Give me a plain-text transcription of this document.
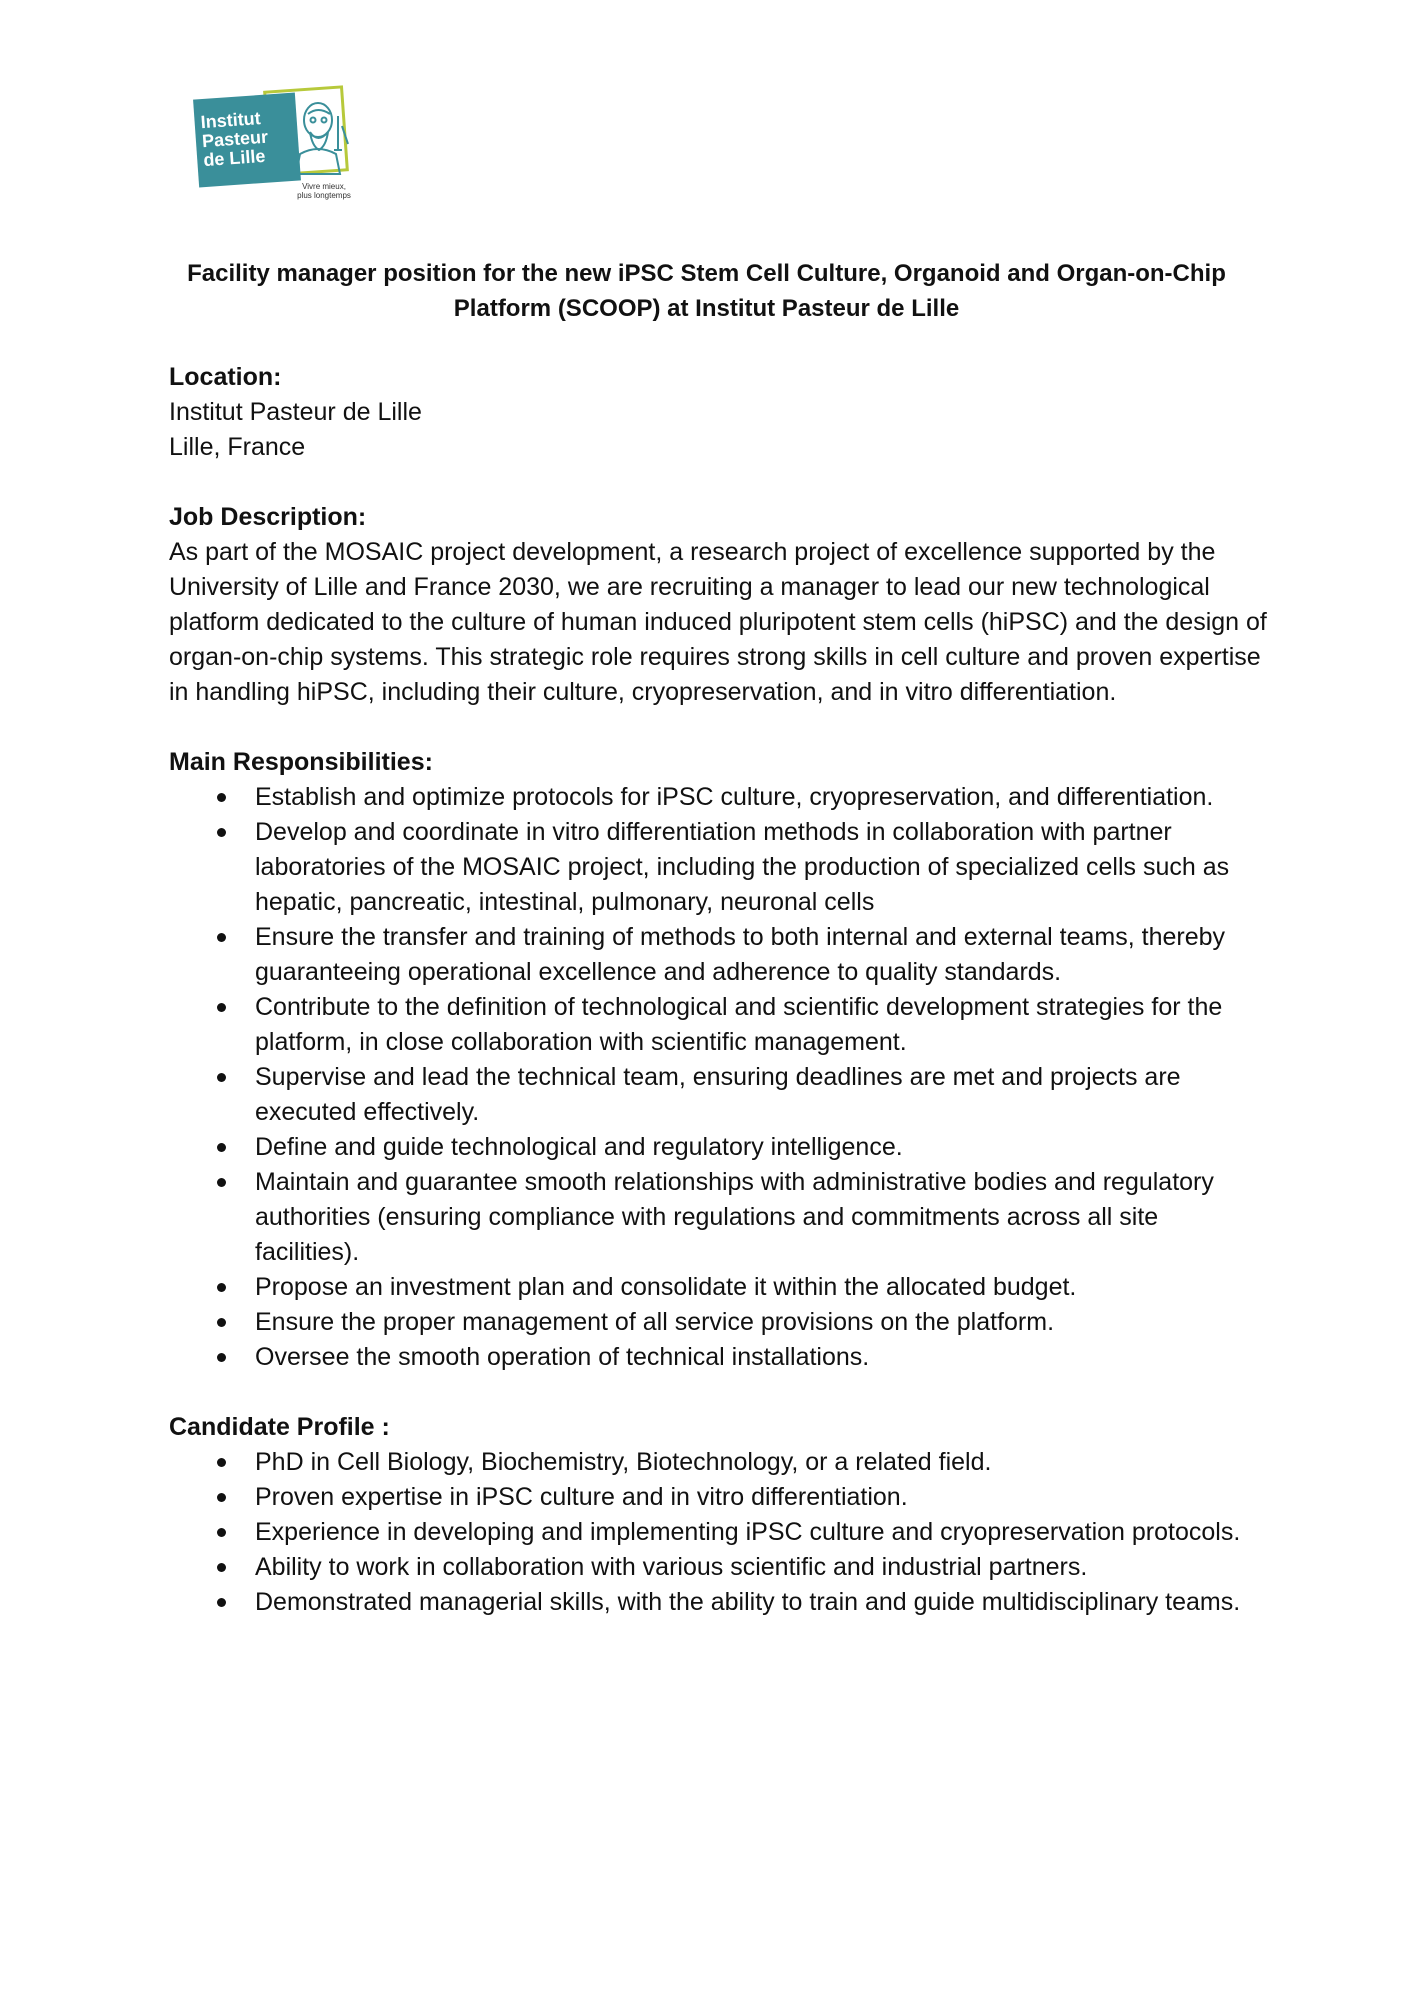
Institut
Pasteur
de Lille
Vivre mieux,
plus longtemps
Facility manager position for the new iPSC Stem Cell Culture, Organoid and Organ-on-Chip Platform (SCOOP) at Institut Pasteur de Lille

Location:

Institut Pasteur de Lille

Lille, France

Job Description:

As part of the MOSAIC project development, a research project of excellence supported by the University of Lille and France 2030, we are recruiting a manager to lead our new technological platform dedicated to the culture of human induced pluripotent stem cells (hiPSC) and the design of organ-on-chip systems. This strategic role requires strong skills in cell culture and proven expertise in handling hiPSC, including their culture, cryopreservation, and in vitro differentiation.

Main Responsibilities:

Establish and optimize protocols for iPSC culture, cryopreservation, and differentiation.
Develop and coordinate in vitro differentiation methods in collaboration with partner laboratories of the MOSAIC project, including the production of specialized cells such as hepatic, pancreatic, intestinal, pulmonary, neuronal cells
Ensure the transfer and training of methods to both internal and external teams, thereby guaranteeing operational excellence and adherence to quality standards.
Contribute to the definition of technological and scientific development strategies for the platform, in close collaboration with scientific management.
Supervise and lead the technical team, ensuring deadlines are met and projects are executed effectively.
Define and guide technological and regulatory intelligence.
Maintain and guarantee smooth relationships with administrative bodies and regulatory authorities (ensuring compliance with regulations and commitments across all site facilities).
Propose an investment plan and consolidate it within the allocated budget.
Ensure the proper management of all service provisions on the platform.
Oversee the smooth operation of technical installations.

Candidate Profile :

PhD in Cell Biology, Biochemistry, Biotechnology, or a related field.
Proven expertise in iPSC culture and in vitro differentiation.
Experience in developing and implementing iPSC culture and cryopreservation protocols.
Ability to work in collaboration with various scientific and industrial partners.
Demonstrated managerial skills, with the ability to train and guide multidisciplinary teams.
